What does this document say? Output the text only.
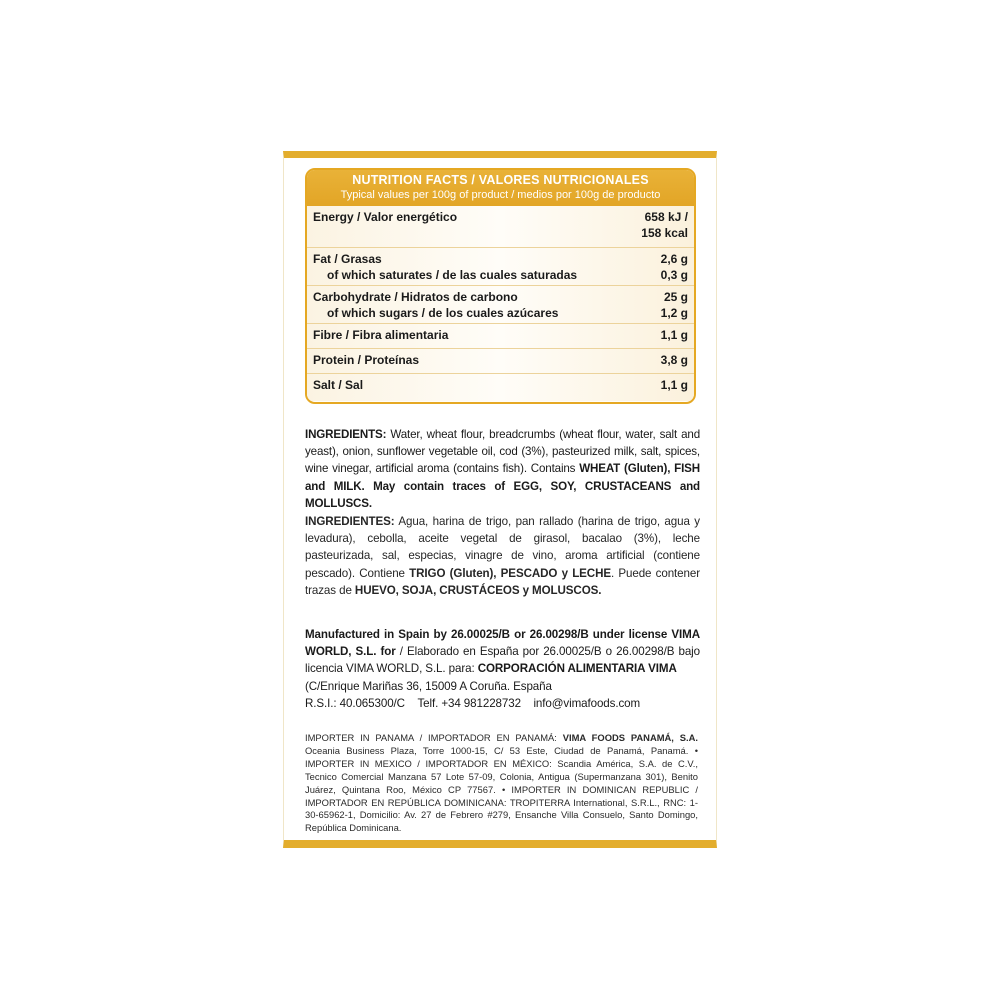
NUTRITION FACTS / VALORES NUTRICIONALES
Typical values per 100g of product / medios por 100g de producto
Energy / Valor energético	658 kJ /
158 kcal
Fat / Grasas	2,6 g
of which saturates / de las cuales saturadas	0,3 g
Carbohydrate / Hidratos de carbono	25 g
of which sugars / de los cuales azúcares	1,2 g
Fibre / Fibra alimentaria	1,1 g
Protein / Proteínas	3,8 g
Salt / Sal	1,1 g
INGREDIENTS: Water, wheat flour, breadcrumbs (wheat flour, water, salt and yeast), onion, sunflower vegetable oil, cod (3%), pasteurized milk, salt, spices, wine vinegar, artificial aroma (contains fish). Contains WHEAT (Gluten), FISH and MILK. May contain traces of EGG, SOY, CRUSTACEANS and MOLLUSCS.
INGREDIENTES: Agua, harina de trigo, pan rallado (harina de trigo, agua y levadura), cebolla, aceite vegetal de girasol, bacalao (3%), leche pasteurizada, sal, especias, vinagre de vino, aroma artificial (contiene pescado). Contiene TRIGO (Gluten), PESCADO y LECHE. Puede contener trazas de HUEVO, SOJA, CRUSTÁCEOS y MOLUSCOS.
Manufactured in Spain by 26.00025/B or 26.00298/B under license VIMA WORLD, S.L. for / Elaborado en España por 26.00025/B o 26.00298/B bajo licencia VIMA WORLD, S.L. para: CORPORACIÓN ALIMENTARIA VIMA
(C/Enrique Mariñas 36, 15009 A Coruña. España
R.S.I.: 40.065300/C Telf. +34 981228732 info@vimafoods.com
IMPORTER IN PANAMA / IMPORTADOR EN PANAMÁ: VIMA FOODS PANAMÁ, S.A. Oceania Business Plaza, Torre 1000-15, C/ 53 Este, Ciudad de Panamá, Panamá. • IMPORTER IN MEXICO / IMPORTADOR EN MÉXICO: Scandia América, S.A. de C.V., Tecnico Comercial Manzana 57 Lote 57-09, Colonia, Antigua (Supermanzana 301), Benito Juárez, Quintana Roo, México CP 77567. • IMPORTER IN DOMINICAN REPUBLIC / IMPORTADOR EN REPÚBLICA DOMINICANA: TROPITERRA International, S.R.L., RNC: 1-30-65962-1, Domicilio: Av. 27 de Febrero #279, Ensanche Villa Consuelo, Santo Domingo, República Dominicana.
